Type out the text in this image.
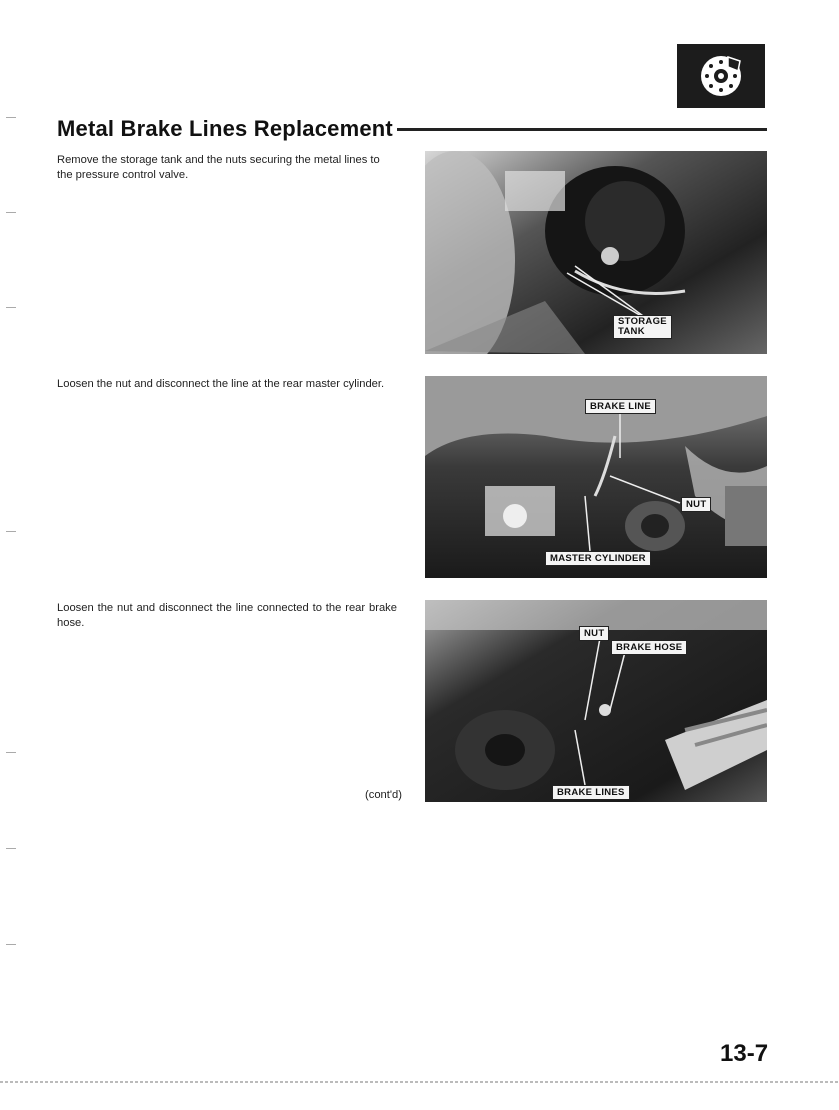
Metal Brake Lines Replacement
Remove the storage tank and the nuts securing the metal lines to the pressure control valve.
STORAGE
TANK
Loosen the nut and disconnect the line at the rear master cylinder.
BRAKE LINE
NUT
MASTER CYLINDER
Loosen the nut and disconnect the line connected to the rear brake hose.
NUT
BRAKE HOSE
BRAKE LINES
(cont'd)
13-7
